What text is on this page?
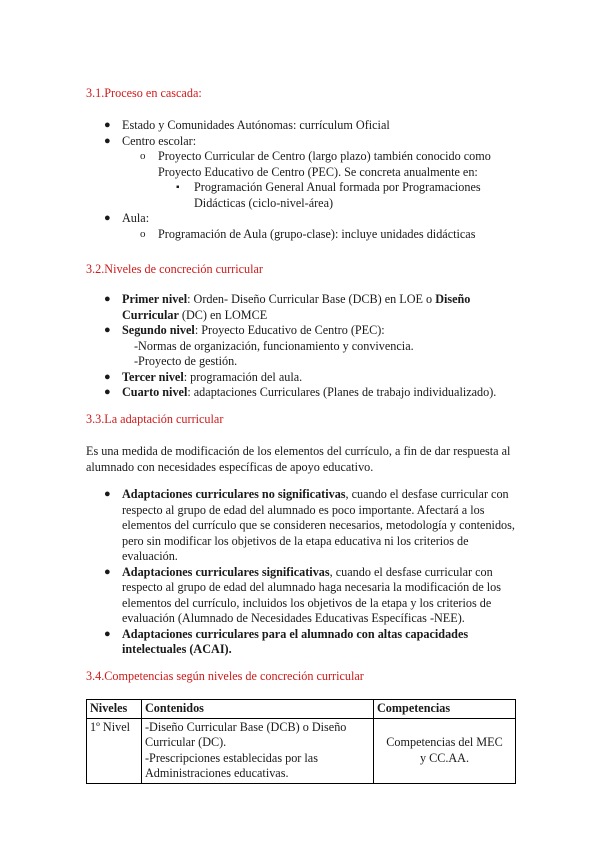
3.1.Proceso en cascada:
● Estado y Comunidades Autónomas: currículum Oficial
● Centro escolar:
o Proyecto Curricular de Centro (largo plazo) también conocido como Proyecto Educativo de Centro (PEC). Se concreta anualmente en:
▪ Programación General Anual formada por Programaciones Didácticas (ciclo-nivel-área)
● Aula:
o Programación de Aula (grupo-clase): incluye unidades didácticas
3.2.Niveles de concreción curricular
● Primer nivel: Orden- Diseño Curricular Base (DCB) en LOE o Diseño Curricular (DC) en LOMCE
● Segundo nivel: Proyecto Educativo de Centro (PEC):
-Normas de organización, funcionamiento y convivencia.
-Proyecto de gestión.
● Tercer nivel: programación del aula.
● Cuarto nivel: adaptaciones Curriculares (Planes de trabajo individualizado).
3.3.La adaptación curricular
Es una medida de modificación de los elementos del currículo, a fin de dar respuesta al alumnado con necesidades específicas de apoyo educativo.
● Adaptaciones curriculares no significativas, cuando el desfase curricular con respecto al grupo de edad del alumnado es poco importante. Afectará a los elementos del currículo que se consideren necesarios, metodología y contenidos, pero sin modificar los objetivos de la etapa educativa ni los criterios de evaluación.
● Adaptaciones curriculares significativas, cuando el desfase curricular con respecto al grupo de edad del alumnado haga necesaria la modificación de los elementos del currículo, incluidos los objetivos de la etapa y los criterios de evaluación (Alumnado de Necesidades Educativas Específicas -NEE).
● Adaptaciones curriculares para el alumnado con altas capacidades intelectuales (ACAI).
3.4.Competencias según niveles de concreción curricular
Niveles	Contenidos	Competencias
1º Nivel	-Diseño Curricular Base (DCB) o Diseño Curricular (DC).
-Prescripciones establecidas por las Administraciones educativas.	Competencias del MEC y CC.AA.
